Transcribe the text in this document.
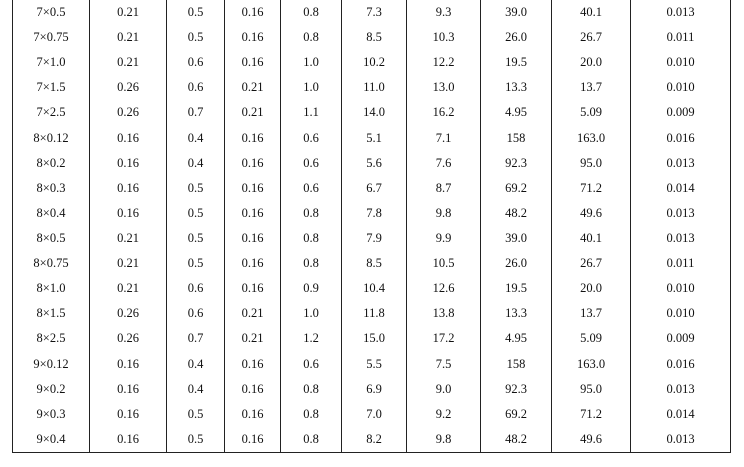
7×0.5	0.21	0.5	0.16	0.8	7.3	9.3	39.0	40.1	0.013
7×0.75	0.21	0.5	0.16	0.8	8.5	10.3	26.0	26.7	0.011
7×1.0	0.21	0.6	0.16	1.0	10.2	12.2	19.5	20.0	0.010
7×1.5	0.26	0.6	0.21	1.0	11.0	13.0	13.3	13.7	0.010
7×2.5	0.26	0.7	0.21	1.1	14.0	16.2	4.95	5.09	0.009
8×0.12	0.16	0.4	0.16	0.6	5.1	7.1	158	163.0	0.016
8×0.2	0.16	0.4	0.16	0.6	5.6	7.6	92.3	95.0	0.013
8×0.3	0.16	0.5	0.16	0.6	6.7	8.7	69.2	71.2	0.014
8×0.4	0.16	0.5	0.16	0.8	7.8	9.8	48.2	49.6	0.013
8×0.5	0.21	0.5	0.16	0.8	7.9	9.9	39.0	40.1	0.013
8×0.75	0.21	0.5	0.16	0.8	8.5	10.5	26.0	26.7	0.011
8×1.0	0.21	0.6	0.16	0.9	10.4	12.6	19.5	20.0	0.010
8×1.5	0.26	0.6	0.21	1.0	11.8	13.8	13.3	13.7	0.010
8×2.5	0.26	0.7	0.21	1.2	15.0	17.2	4.95	5.09	0.009
9×0.12	0.16	0.4	0.16	0.6	5.5	7.5	158	163.0	0.016
9×0.2	0.16	0.4	0.16	0.8	6.9	9.0	92.3	95.0	0.013
9×0.3	0.16	0.5	0.16	0.8	7.0	9.2	69.2	71.2	0.014
9×0.4	0.16	0.5	0.16	0.8	8.2	9.8	48.2	49.6	0.013
